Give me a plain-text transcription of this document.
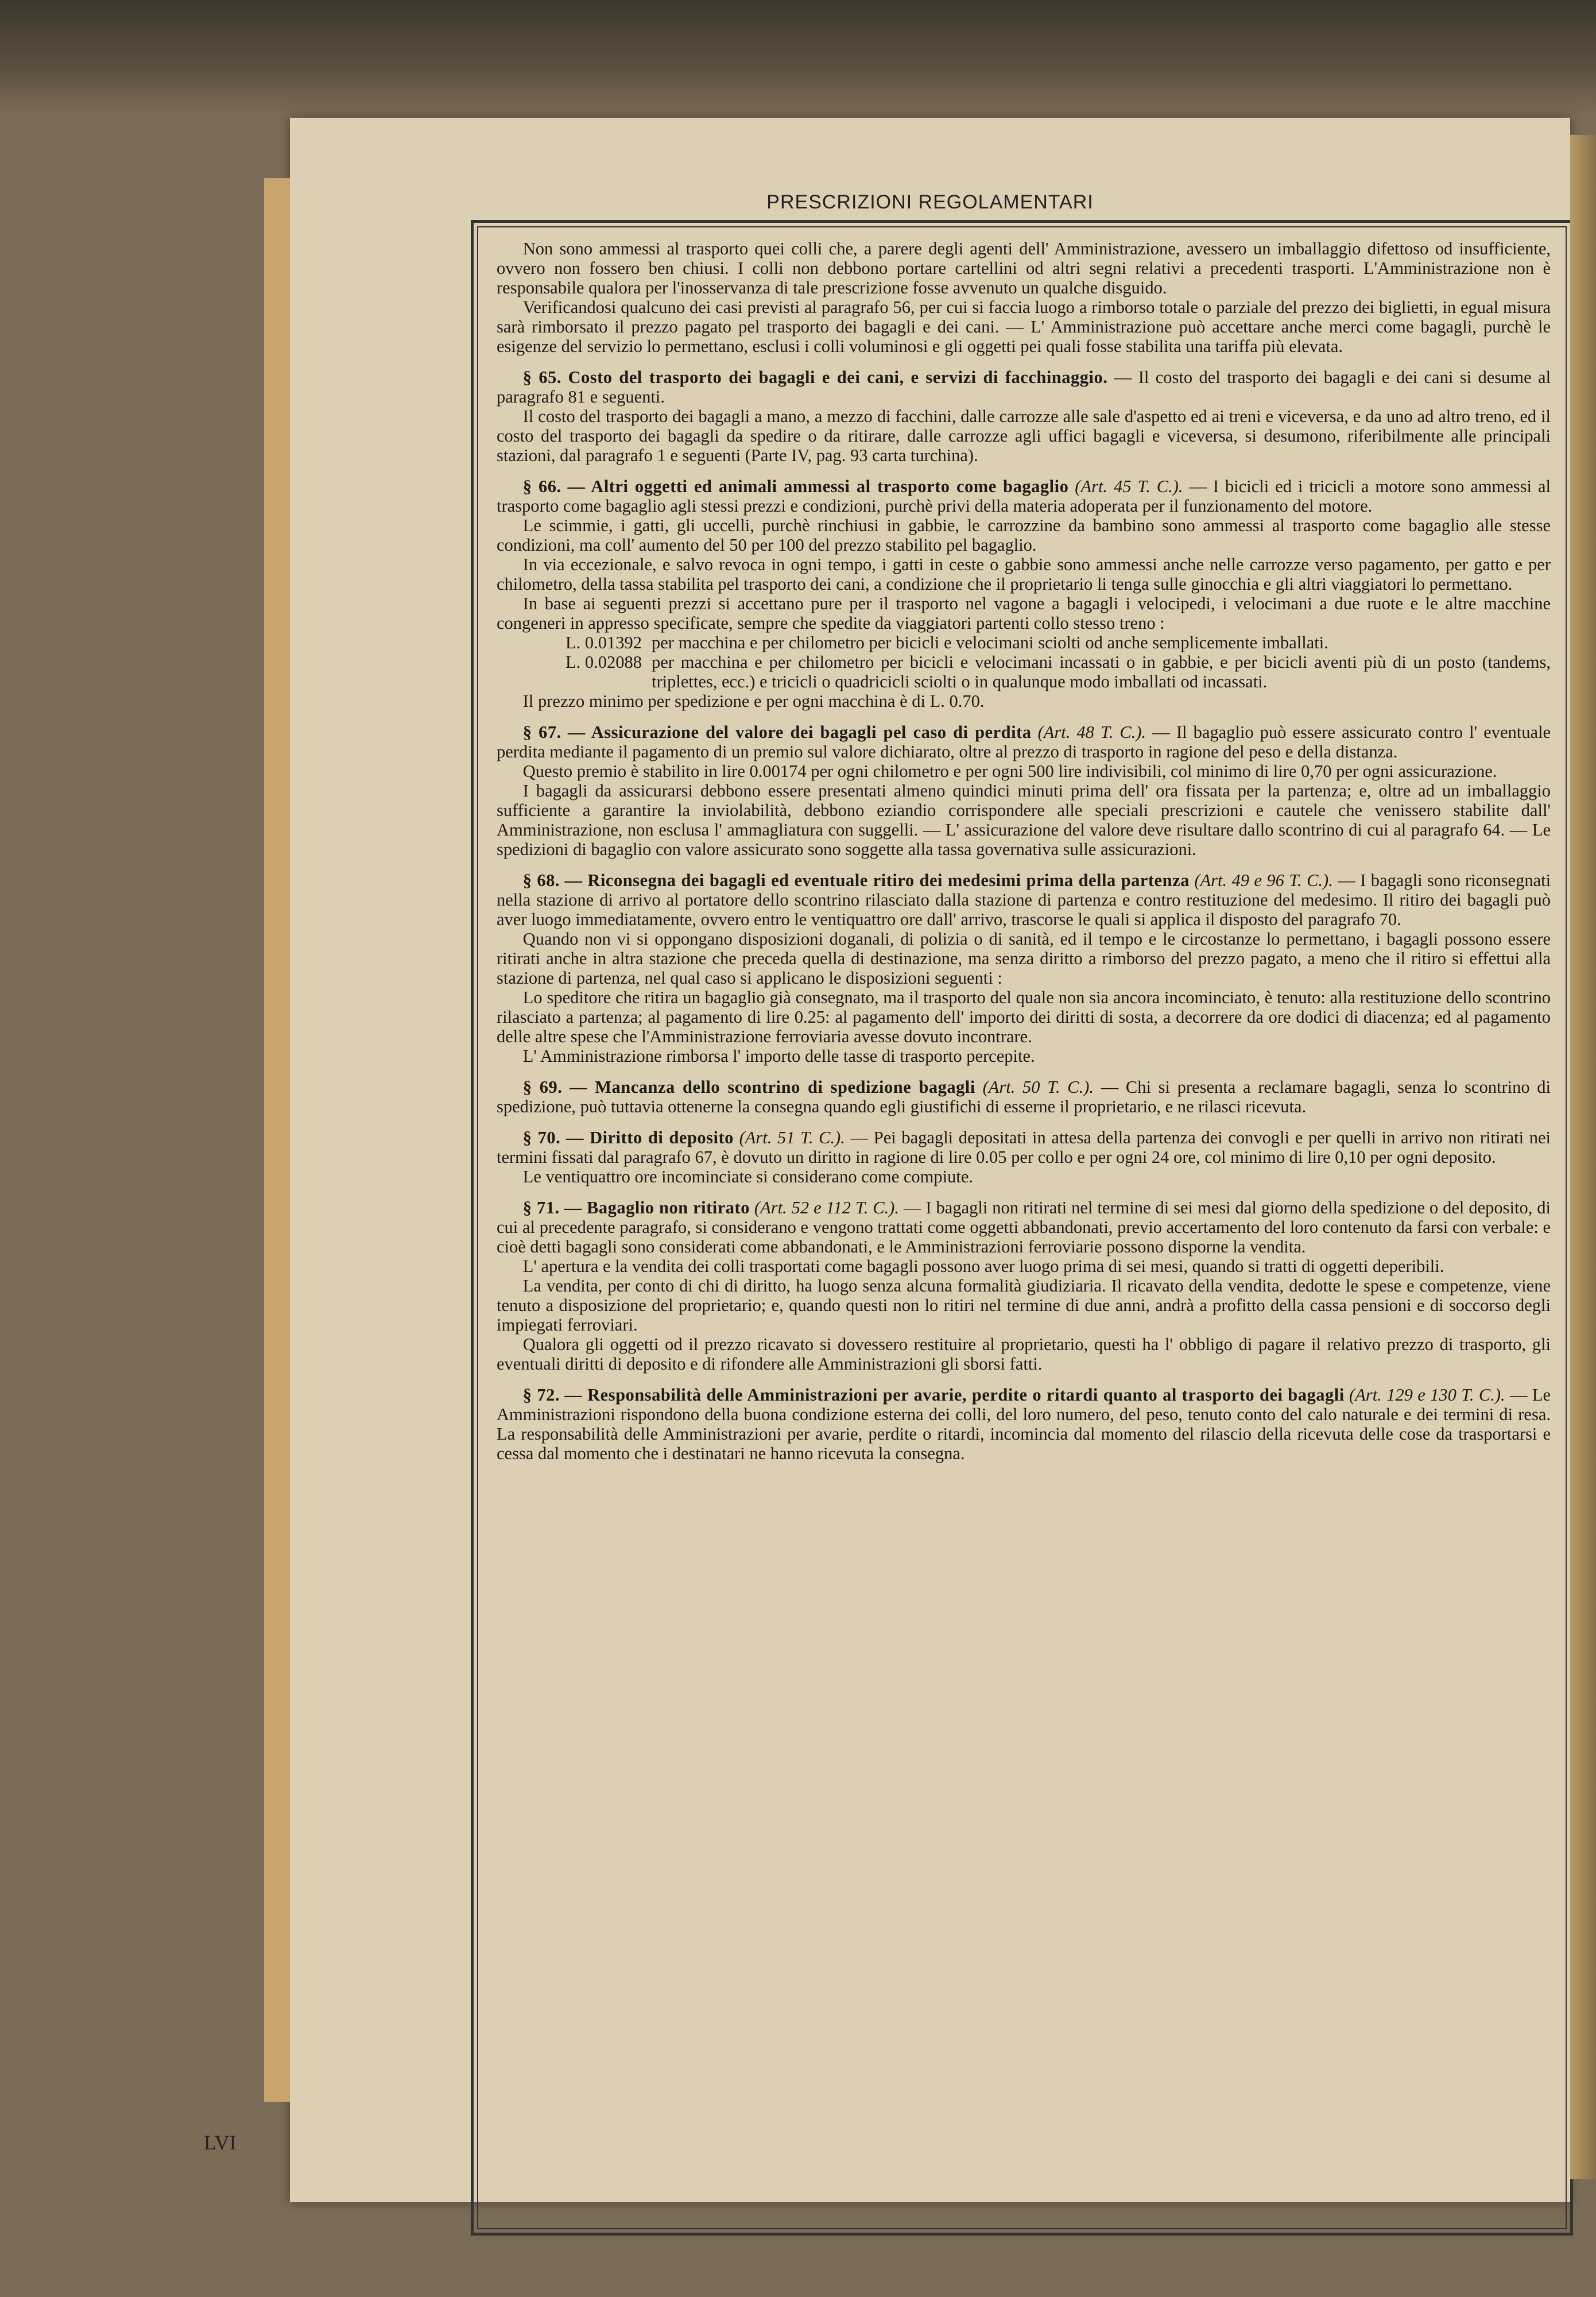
PRESCRIZIONI REGOLAMENTARI

Non sono ammessi al trasporto quei colli che, a parere degli agenti dell' Amministrazione, avessero un imballaggio difettoso od insufficiente, ovvero non fossero ben chiusi. I colli non debbono portare cartellini od altri segni relativi a precedenti trasporti. L'Amministrazione non è responsabile qualora per l'inosservanza di tale prescrizione fosse avvenuto un qualche disguido.

Verificandosi qualcuno dei casi previsti al paragrafo 56, per cui si faccia luogo a rimborso totale o parziale del prezzo dei biglietti, in egual misura sarà rimborsato il prezzo pagato pel trasporto dei bagagli e dei cani. — L' Amministrazione può accettare anche merci come bagagli, purchè le esigenze del servizio lo permettano, esclusi i colli voluminosi e gli oggetti pei quali fosse stabilita una tariffa più elevata.

§ 65. Costo del trasporto dei bagagli e dei cani, e servizi di facchinaggio. — Il costo del trasporto dei bagagli e dei cani si desume al paragrafo 81 e seguenti.

Il costo del trasporto dei bagagli a mano, a mezzo di facchini, dalle carrozze alle sale d'aspetto ed ai treni e viceversa, e da uno ad altro treno, ed il costo del trasporto dei bagagli da spedire o da ritirare, dalle carrozze agli uffici bagagli e viceversa, si desumono, riferibilmente alle principali stazioni, dal paragrafo 1 e seguenti (Parte IV, pag. 93 carta turchina).

§ 66. — Altri oggetti ed animali ammessi al trasporto come bagaglio (Art. 45 T. C.). — I bicicli ed i tricicli a motore sono ammessi al trasporto come bagaglio agli stessi prezzi e condizioni, purchè privi della materia adoperata per il funzionamento del motore.

Le scimmie, i gatti, gli uccelli, purchè rinchiusi in gabbie, le carrozzine da bambino sono ammessi al trasporto come bagaglio alle stesse condizioni, ma coll' aumento del 50 per 100 del prezzo stabilito pel bagaglio.

In via eccezionale, e salvo revoca in ogni tempo, i gatti in ceste o gabbie sono ammessi anche nelle carrozze verso pagamento, per gatto e per chilometro, della tassa stabilita pel trasporto dei cani, a condizione che il proprietario li tenga sulle ginocchia e gli altri viaggiatori lo permettano.

In base ai seguenti prezzi si accettano pure per il trasporto nel vagone a bagagli i velocipedi, i velocimani a due ruote e le altre macchine congeneri in appresso specificate, sempre che spedite da viaggiatori partenti collo stesso treno :

L. 0.01392	per macchina e per chilometro per bicicli e velocimani sciolti od anche semplicemente imballati.
L. 0.02088	per macchina e per chilometro per bicicli e velocimani incassati o in gabbie, e per bicicli aventi più di un posto (tandems, triplettes, ecc.) e tricicli o quadricicli sciolti o in qualunque modo imballati od incassati.

Il prezzo minimo per spedizione e per ogni macchina è di L. 0.70.

§ 67. — Assicurazione del valore dei bagagli pel caso di perdita (Art. 48 T. C.). — Il bagaglio può essere assicurato contro l' eventuale perdita mediante il pagamento di un premio sul valore dichiarato, oltre al prezzo di trasporto in ragione del peso e della distanza.

Questo premio è stabilito in lire 0.00174 per ogni chilometro e per ogni 500 lire indivisibili, col minimo di lire 0,70 per ogni assicurazione.

I bagagli da assicurarsi debbono essere presentati almeno quindici minuti prima dell' ora fissata per la partenza; e, oltre ad un imballaggio sufficiente a garantire la inviolabilità, debbono eziandio corrispondere alle speciali prescrizioni e cautele che venissero stabilite dall' Amministrazione, non esclusa l' ammagliatura con suggelli. — L' assicurazione del valore deve risultare dallo scontrino di cui al paragrafo 64. — Le spedizioni di bagaglio con valore assicurato sono soggette alla tassa governativa sulle assicurazioni.

§ 68. — Riconsegna dei bagagli ed eventuale ritiro dei medesimi prima della partenza (Art. 49 e 96 T. C.). — I bagagli sono riconsegnati nella stazione di arrivo al portatore dello scontrino rilasciato dalla stazione di partenza e contro restituzione del medesimo. Il ritiro dei bagagli può aver luogo immediatamente, ovvero entro le ventiquattro ore dall' arrivo, trascorse le quali si applica il disposto del paragrafo 70.

Quando non vi si oppongano disposizioni doganali, di polizia o di sanità, ed il tempo e le circostanze lo permettano, i bagagli possono essere ritirati anche in altra stazione che preceda quella di destinazione, ma senza diritto a rimborso del prezzo pagato, a meno che il ritiro si effettui alla stazione di partenza, nel qual caso si applicano le disposizioni seguenti :

Lo speditore che ritira un bagaglio già consegnato, ma il trasporto del quale non sia ancora incominciato, è tenuto: alla restituzione dello scontrino rilasciato a partenza; al pagamento di lire 0.25: al pagamento dell' importo dei diritti di sosta, a decorrere da ore dodici di diacenza; ed al pagamento delle altre spese che l'Amministrazione ferroviaria avesse dovuto incontrare.

L' Amministrazione rimborsa l' importo delle tasse di trasporto percepite.

§ 69. — Mancanza dello scontrino di spedizione bagagli (Art. 50 T. C.). — Chi si presenta a reclamare bagagli, senza lo scontrino di spedizione, può tuttavia ottenerne la consegna quando egli giustifichi di esserne il proprietario, e ne rilasci ricevuta.

§ 70. — Diritto di deposito (Art. 51 T. C.). — Pei bagagli depositati in attesa della partenza dei convogli e per quelli in arrivo non ritirati nei termini fissati dal paragrafo 67, è dovuto un diritto in ragione di lire 0.05 per collo e per ogni 24 ore, col minimo di lire 0,10 per ogni deposito.

Le ventiquattro ore incominciate si considerano come compiute.

§ 71. — Bagaglio non ritirato (Art. 52 e 112 T. C.). — I bagagli non ritirati nel termine di sei mesi dal giorno della spedizione o del deposito, di cui al precedente paragrafo, si considerano e vengono trattati come oggetti abbandonati, previo accertamento del loro contenuto da farsi con verbale: e cioè detti bagagli sono considerati come abbandonati, e le Amministrazioni ferroviarie possono disporne la vendita.

L' apertura e la vendita dei colli trasportati come bagagli possono aver luogo prima di sei mesi, quando si tratti di oggetti deperibili.

La vendita, per conto di chi di diritto, ha luogo senza alcuna formalità giudiziaria. Il ricavato della vendita, dedotte le spese e competenze, viene tenuto a disposizione del proprietario; e, quando questi non lo ritiri nel termine di due anni, andrà a profitto della cassa pensioni e di soccorso degli impiegati ferroviari.

Qualora gli oggetti od il prezzo ricavato si dovessero restituire al proprietario, questi ha l' obbligo di pagare il relativo prezzo di trasporto, gli eventuali diritti di deposito e di rifondere alle Amministrazioni gli sborsi fatti.

§ 72. — Responsabilità delle Amministrazioni per avarie, perdite o ritardi quanto al trasporto dei bagagli (Art. 129 e 130 T. C.). — Le Amministrazioni rispondono della buona condizione esterna dei colli, del loro numero, del peso, tenuto conto del calo naturale e dei termini di resa. La responsabilità delle Amministrazioni per avarie, perdite o ritardi, incomincia dal momento del rilascio della ricevuta delle cose da trasportarsi e cessa dal momento che i destinatari ne hanno ricevuta la consegna.

LVI
